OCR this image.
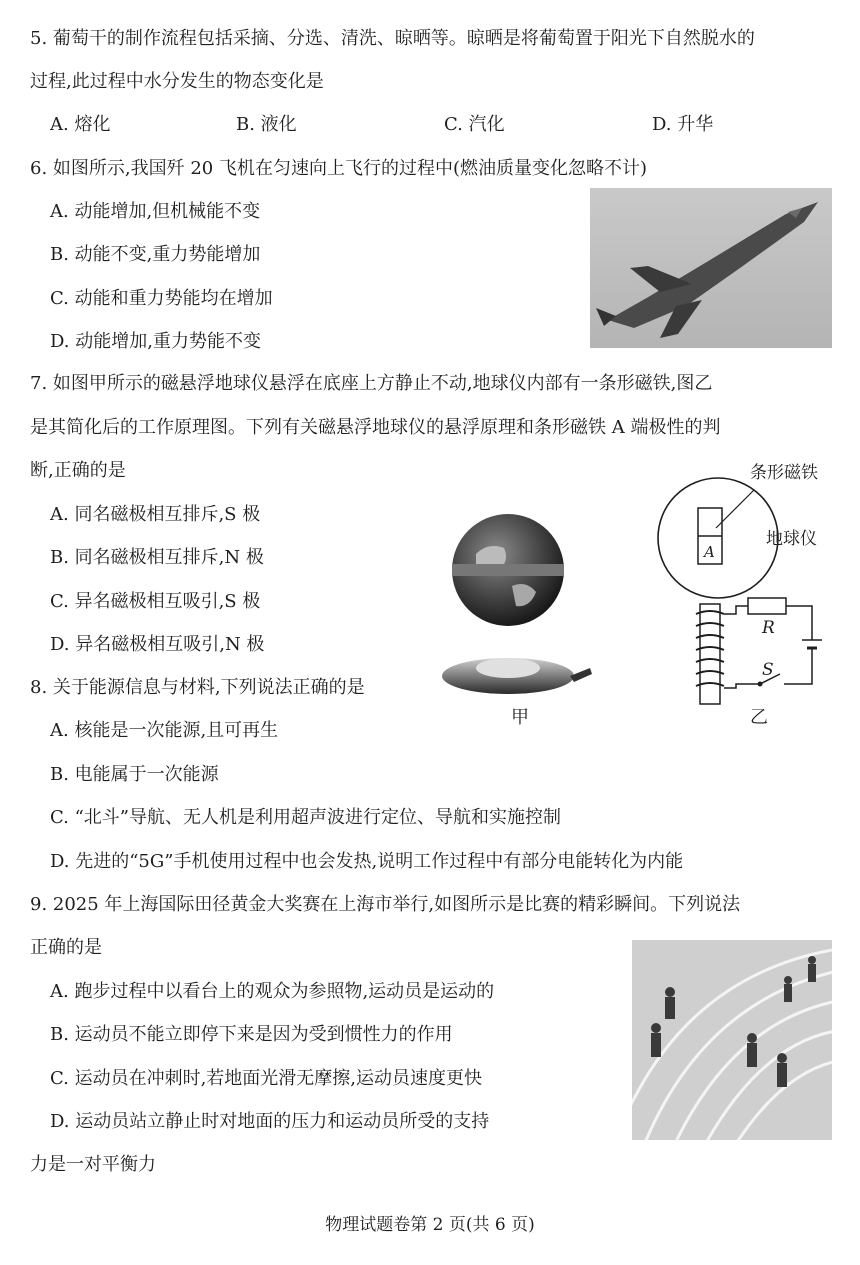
5. 葡萄干的制作流程包括采摘、分选、清洗、晾晒等。晾晒是将葡萄置于阳光下自然脱水的
过程,此过程中水分发生的物态变化是
A. 熔化	B. 液化	C. 汽化	D. 升华
6. 如图所示,我国歼 20 飞机在匀速向上飞行的过程中(燃油质量变化忽略不计)
A. 动能增加,但机械能不变
B. 动能不变,重力势能增加
C. 动能和重力势能均在增加
D. 动能增加,重力势能不变
7. 如图甲所示的磁悬浮地球仪悬浮在底座上方静止不动,地球仪内部有一条形磁铁,图乙
是其简化后的工作原理图。下列有关磁悬浮地球仪的悬浮原理和条形磁铁 A 端极性的判
断,正确的是
A. 同名磁极相互排斥,S 极
B. 同名磁极相互排斥,N 极
C. 异名磁极相互吸引,S 极
D. 异名磁极相互吸引,N 极
甲
条形磁铁
地球仪
A
R
S
乙
8. 关于能源信息与材料,下列说法正确的是
A. 核能是一次能源,且可再生
B. 电能属于一次能源
C. “北斗”导航、无人机是利用超声波进行定位、导航和实施控制
D. 先进的“5G”手机使用过程中也会发热,说明工作过程中有部分电能转化为内能
9. 2025 年上海国际田径黄金大奖赛在上海市举行,如图所示是比赛的精彩瞬间。下列说法
正确的是
A. 跑步过程中以看台上的观众为参照物,运动员是运动的
B. 运动员不能立即停下来是因为受到惯性力的作用
C. 运动员在冲刺时,若地面光滑无摩擦,运动员速度更快
D. 运动员站立静止时对地面的压力和运动员所受的支持
力是一对平衡力
物理试题卷第 2 页(共 6 页)
